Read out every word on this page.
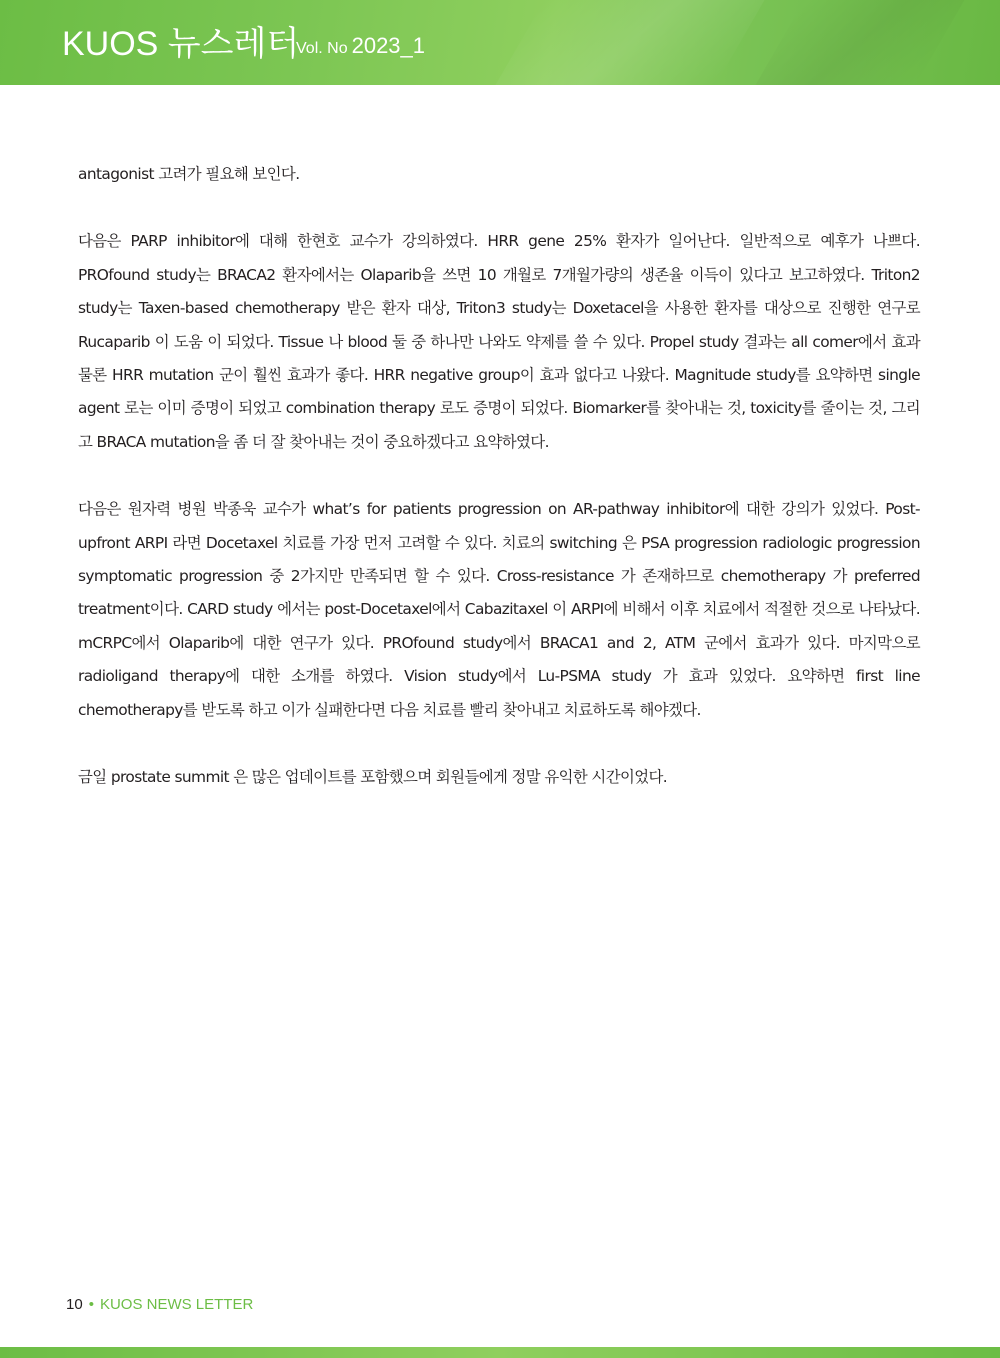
KUOS 뉴스레터
Vol. No 2023_1

antagonist 고려가 필요해 보인다.

다음은 PARP inhibitor에 대해 한현호 교수가 강의하였다. HRR gene 25% 환자가 일어난다. 일반적으로 예후가 나쁘다. PROfound study는 BRACA2 환자에서는 Olaparib을 쓰면 10 개월로 7개월가량의 생존율 이득이 있다고 보고하였다. Triton2 study는 Taxen-based chemotherapy 받은 환자 대상, Triton3 study는 Doxetacel을 사용한 환자를 대상으로 진행한 연구로 Rucaparib 이 도움 이 되었다. Tissue 나 blood 둘 중 하나만 나와도 약제를 쓸 수 있다. Propel study 결과는 all comer에서 효과 물론 HRR mutation 군이 훨씬 효과가 좋다. HRR negative group이 효과 없다고 나왔다. Magnitude study를 요약하면 single agent 로는 이미 증명이 되었고 combination therapy 로도 증명이 되었다. Biomarker를 찾아내는 것, toxicity를 줄이는 것, 그리고 BRACA mutation을 좀 더 잘 찾아내는 것이 중요하겠다고 요약하였다.

다음은 원자력 병원 박종욱 교수가 what’s for patients progression on AR-pathway inhibitor에 대한 강의가 있었다. Post-upfront ARPI 라면 Docetaxel 치료를 가장 먼저 고려할 수 있다. 치료의 switching 은 PSA progression radiologic progression symptomatic progression 중 2가지만 만족되면 할 수 있다. Cross-resistance 가 존재하므로 chemotherapy 가 preferred treatment이다. CARD study 에서는 post-Docetaxel에서 Cabazitaxel 이 ARPI에 비해서 이후 치료에서 적절한 것으로 나타났다. mCRPC에서 Olaparib에 대한 연구가 있다. PROfound study에서 BRACA1 and 2, ATM 군에서 효과가 있다. 마지막으로 radioligand therapy에 대한 소개를 하였다. Vision study에서 Lu-PSMA study 가 효과 있었다. 요약하면 first line chemotherapy를 받도록 하고 이가 실패한다면 다음 치료를 빨리 찾아내고 치료하도록 해야겠다.

금일 prostate summit 은 많은 업데이트를 포함했으며 회원들에게 정말 유익한 시간이었다.

10 • KUOS NEWS LETTER
